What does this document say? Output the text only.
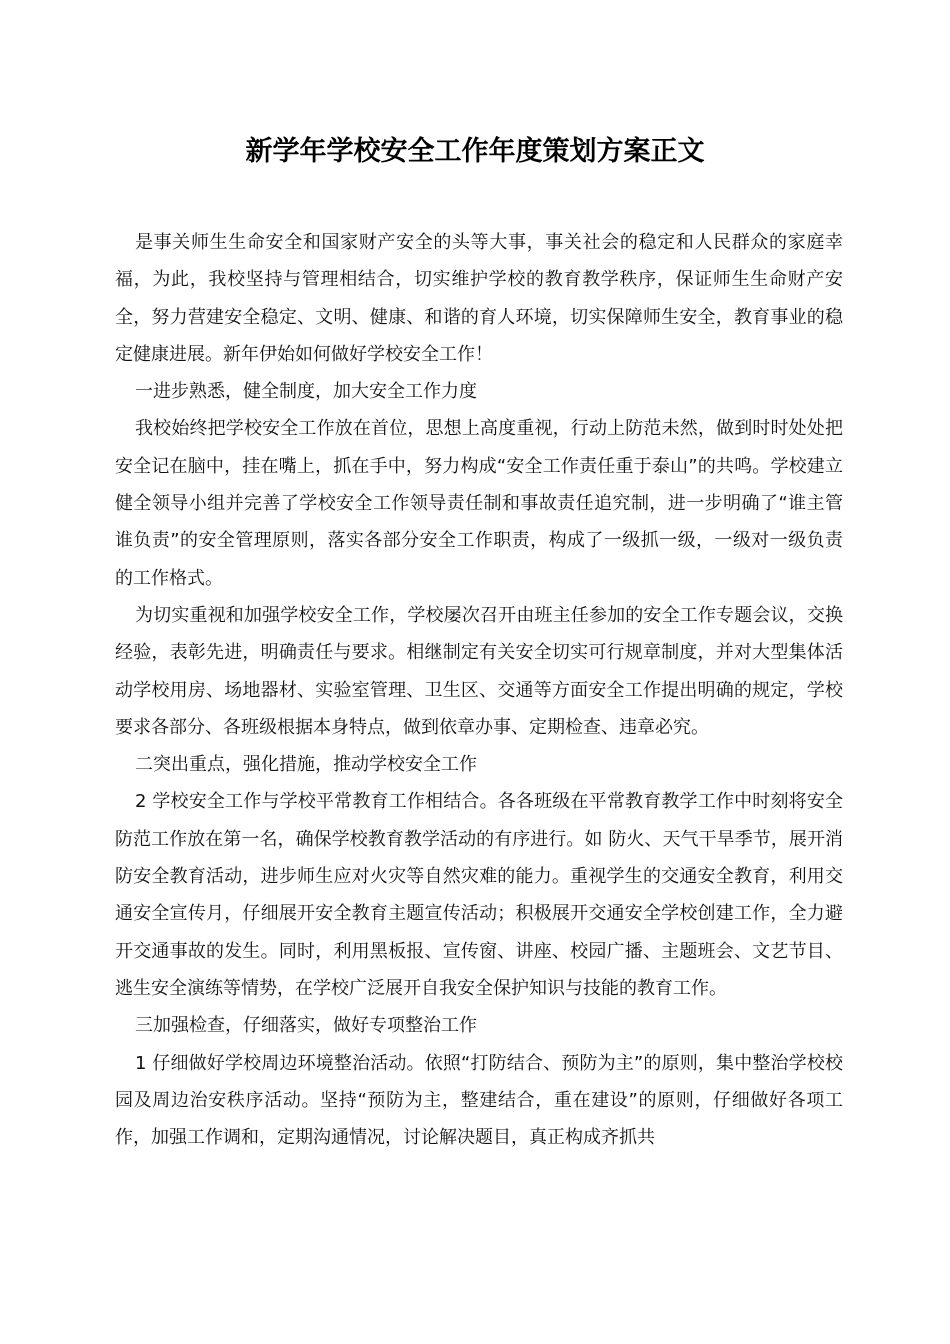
新学年学校安全工作年度策划方案正文

是事关师生生命安全和国家财产安全的头等大事，事关社会的稳定和人民群众的家庭幸福，为此，我校坚持与管理相结合，切实维护学校的教育教学秩序，保证师生生命财产安全，努力营建安全稳定、文明、健康、和谐的育人环境，切实保障师生安全，教育事业的稳定健康进展。新年伊始如何做好学校安全工作！

一进步熟悉，健全制度，加大安全工作力度

我校始终把学校安全工作放在首位，思想上高度重视，行动上防范未然，做到时时处处把安全记在脑中，挂在嘴上，抓在手中，努力构成“安全工作责任重于泰山”的共鸣。学校建立健全领导小组并完善了学校安全工作领导责任制和事故责任追究制，进一步明确了“谁主管谁负责”的安全管理原则，落实各部分安全工作职责，构成了一级抓一级，一级对一级负责的工作格式。

为切实重视和加强学校安全工作，学校屡次召开由班主任参加的安全工作专题会议，交换经验，表彰先进，明确责任与要求。相继制定有关安全切实可行规章制度，并对大型集体活动学校用房、场地器材、实验室管理、卫生区、交通等方面安全工作提出明确的规定，学校要求各部分、各班级根据本身特点，做到依章办事、定期检查、违章必究。

二突出重点，强化措施，推动学校安全工作

2 学校安全工作与学校平常教育工作相结合。各各班级在平常教育教学工作中时刻将安全防范工作放在第一名，确保学校教育教学活动的有序进行。如 防火、天气干旱季节，展开消防安全教育活动，进步师生应对火灾等自然灾难的能力。重视学生的交通安全教育，利用交通安全宣传月，仔细展开安全教育主题宣传活动；积极展开交通安全学校创建工作，全力避开交通事故的发生。同时，利用黑板报、宣传窗、讲座、校园广播、主题班会、文艺节目、逃生安全演练等情势，在学校广泛展开自我安全保护知识与技能的教育工作。

三加强检查，仔细落实，做好专项整治工作

1 仔细做好学校周边环境整治活动。依照“打防结合、预防为主”的原则，集中整治学校校园及周边治安秩序活动。坚持“预防为主，整建结合，重在建设”的原则，仔细做好各项工作，加强工作调和，定期沟通情况，讨论解决题目，真正构成齐抓共
